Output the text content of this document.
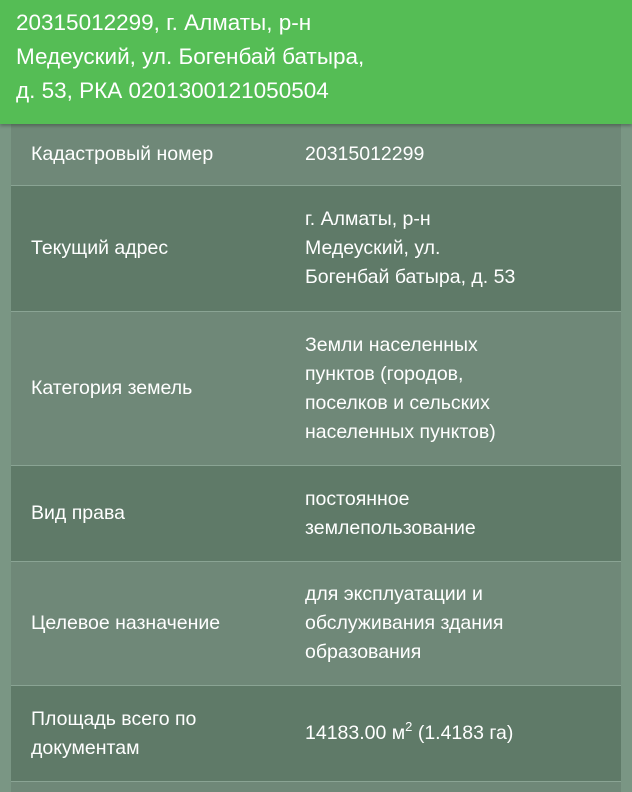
20315012299, г. Алматы, р-н
Медеуский, ул. Богенбай батыра,
д. 53, РКА 0201300121050504
Кадастровый номер	20315012299
Текущий адрес
г. Алматы, р-н
Медеуский, ул.
Богенбай батыра, д. 53
Категория земель
Земли населенных
пунктов (городов,
поселков и сельских
населенных пунктов)
Вид права
постоянное
землепользование
Целевое назначение
для эксплуатации и
обслуживания здания
образования
Площадь всего по
документам
14183.00 $м^2$ (1.4183 га)
